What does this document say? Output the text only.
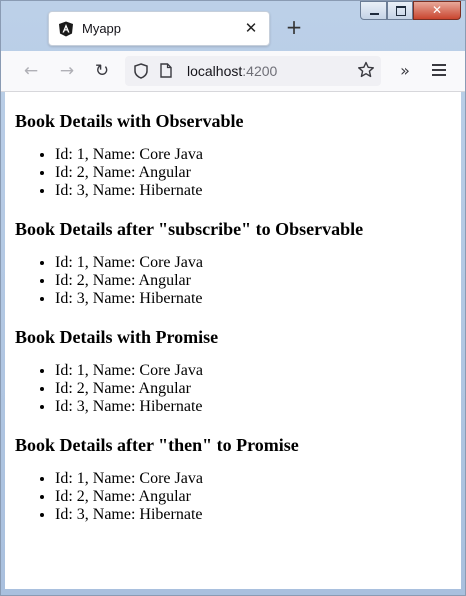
Myapp	✕ +
✕
← → ↻	localhost:4200	»
Book Details with Observable
• Id: 1, Name: Core Java
• Id: 2, Name: Angular
• Id: 3, Name: Hibernate
Book Details after "subscribe" to Observable
• Id: 1, Name: Core Java
• Id: 2, Name: Angular
• Id: 3, Name: Hibernate
Book Details with Promise
• Id: 1, Name: Core Java
• Id: 2, Name: Angular
• Id: 3, Name: Hibernate
Book Details after "then" to Promise
• Id: 1, Name: Core Java
• Id: 2, Name: Angular
• Id: 3, Name: Hibernate
